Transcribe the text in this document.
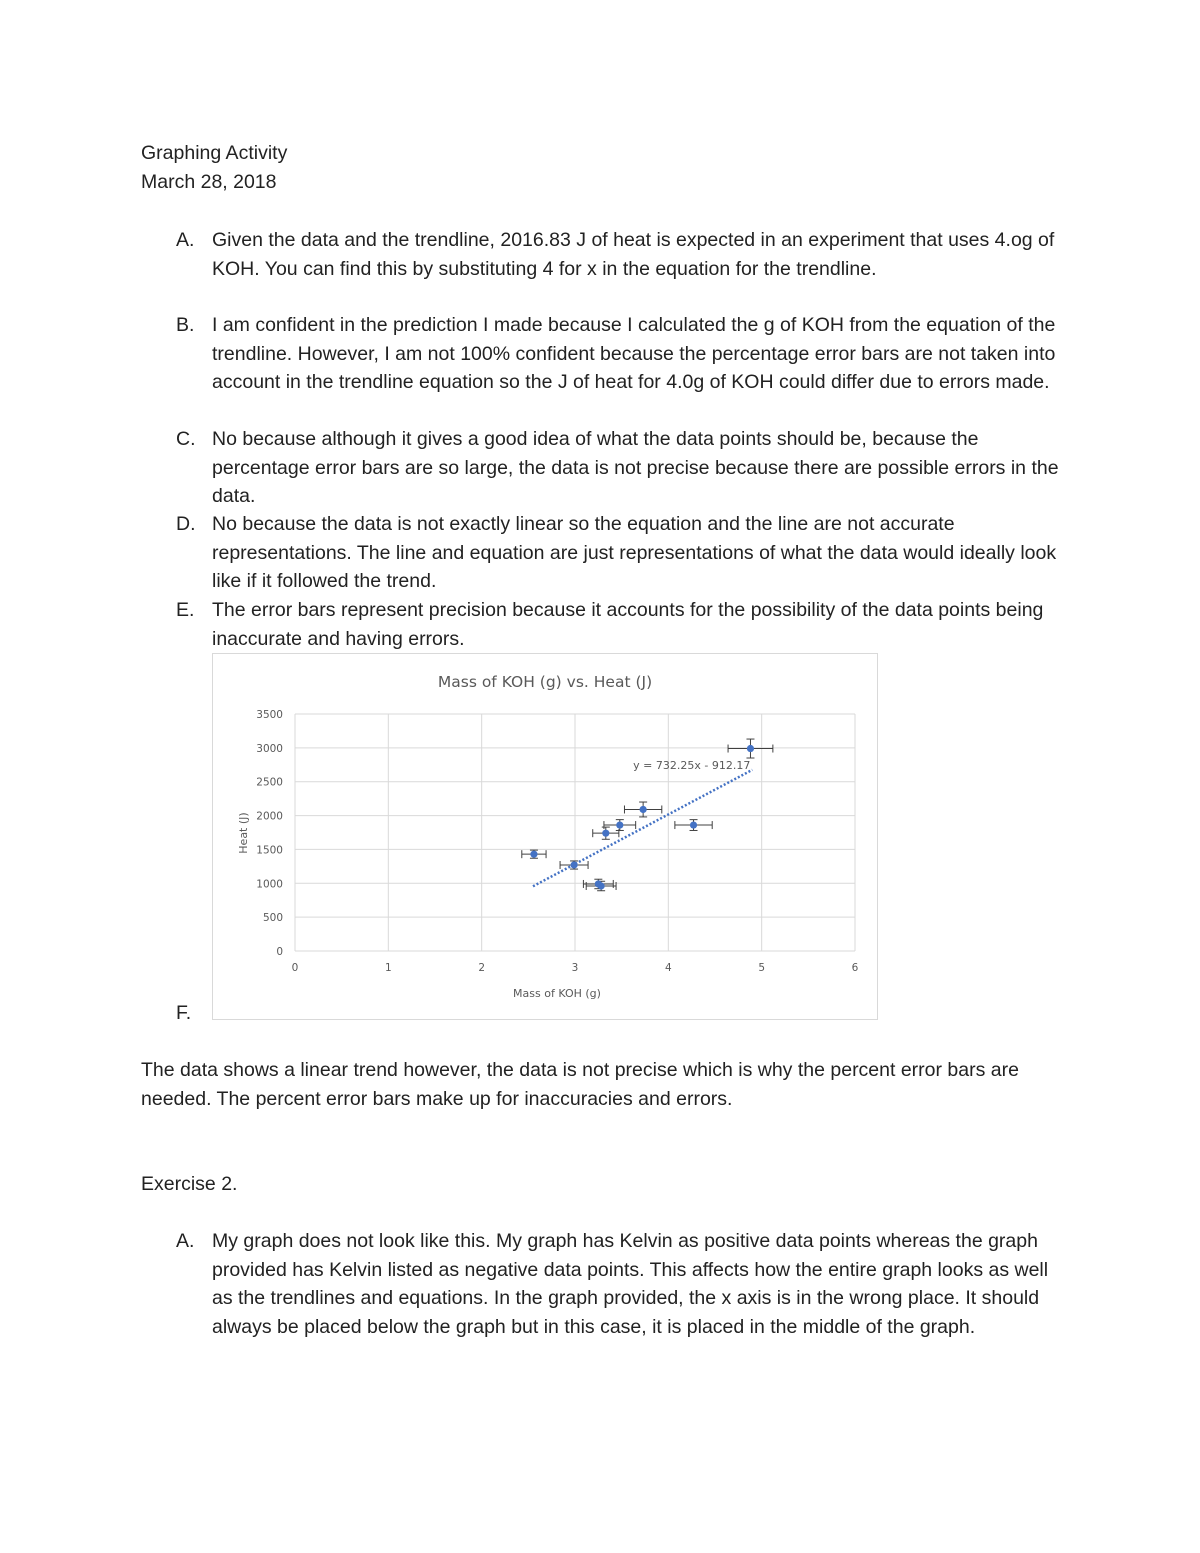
Graphing Activity
March 28, 2018
A. Given the data and the trendline, 2016.83 J of heat is expected in an experiment that uses 4.og of KOH. You can find this by substituting 4 for x in the equation for the trendline.
B. I am confident in the prediction I made because I calculated the g of KOH from the equation of the trendline. However, I am not 100% confident because the percentage error bars are not taken into account in the trendline equation so the J of heat for 4.0g of KOH could differ due to errors made.
C. No because although it gives a good idea of what the data points should be, because the percentage error bars are so large, the data is not precise because there are possible errors in the data.
D. No because the data is not exactly linear so the equation and the line are not accurate representations. The line and equation are just representations of what the data would ideally look like if it followed the trend.
E. The error bars represent precision because it accounts for the possibility of the data points being inaccurate and having errors.
F.
Mass of KOH (g) vs. Heat (J)
Mass of KOH (g)
Heat (J)
0	1	2	3	4	5	6
0
500
1000
1500
2000
2500
3000
3500
y = 732.25x - 912.17
The data shows a linear trend however, the data is not precise which is why the percent error bars are needed. The percent error bars make up for inaccuracies and errors.
Exercise 2.
A. My graph does not look like this. My graph has Kelvin as positive data points whereas the graph provided has Kelvin listed as negative data points. This affects how the entire graph looks as well as the trendlines and equations. In the graph provided, the x axis is in the wrong place. It should always be placed below the graph but in this case, it is placed in the middle of the graph.
